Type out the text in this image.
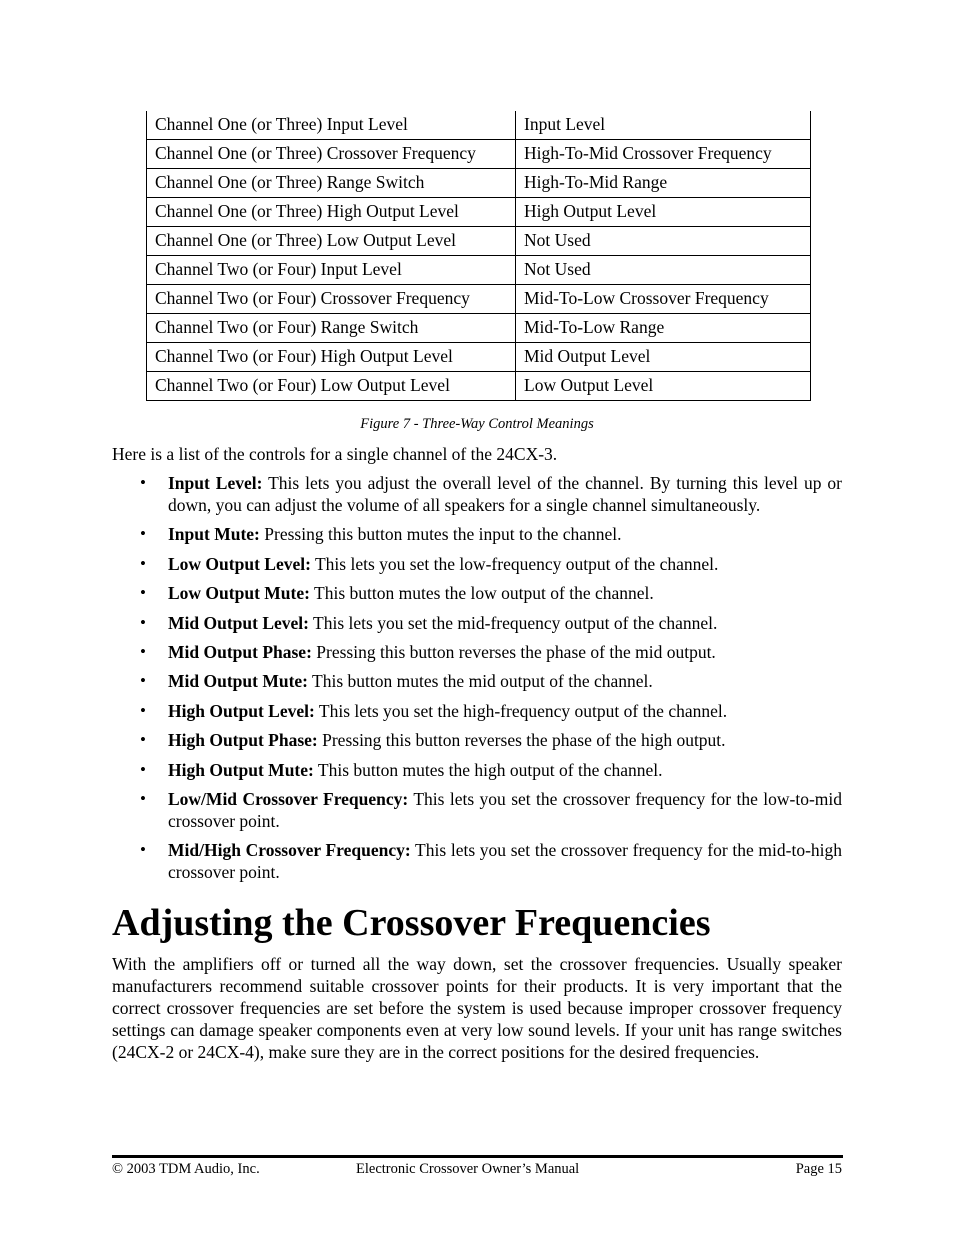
Channel One (or Three) Input Level	Input Level
Channel One (or Three) Crossover Frequency	High-To-Mid Crossover Frequency
Channel One (or Three) Range Switch	High-To-Mid Range
Channel One (or Three) High Output Level	High Output Level
Channel One (or Three) Low Output Level	Not Used
Channel Two (or Four) Input Level	Not Used
Channel Two (or Four) Crossover Frequency	Mid-To-Low Crossover Frequency
Channel Two (or Four) Range Switch	Mid-To-Low Range
Channel Two (or Four) High Output Level	Mid Output Level
Channel Two (or Four) Low Output Level	Low Output Level
Figure 7 - Three-Way Control Meanings
Here is a list of the controls for a single channel of the 24CX-3.
• Input Level: This lets you adjust the overall level of the channel. By turning this level up or down, you can adjust the volume of all speakers for a single channel simultaneously.
• Input Mute: Pressing this button mutes the input to the channel.
• Low Output Level: This lets you set the low-frequency output of the channel.
• Low Output Mute: This button mutes the low output of the channel.
• Mid Output Level: This lets you set the mid-frequency output of the channel.
• Mid Output Phase: Pressing this button reverses the phase of the mid output.
• Mid Output Mute: This button mutes the mid output of the channel.
• High Output Level: This lets you set the high-frequency output of the channel.
• High Output Phase: Pressing this button reverses the phase of the high output.
• High Output Mute: This button mutes the high output of the channel.
• Low/Mid Crossover Frequency: This lets you set the crossover frequency for the low-to-mid crossover point.
• Mid/High Crossover Frequency: This lets you set the crossover frequency for the mid-to-high crossover point.
Adjusting the Crossover Frequencies

With the amplifiers off or turned all the way down, set the crossover frequencies. Usually speaker manufacturers recommend suitable crossover points for their products. It is very important that the correct crossover frequencies are set before the system is used because improper crossover frequency settings can damage speaker components even at very low sound levels. If your unit has range switches (24CX-2 or 24CX-4), make sure they are in the correct positions for the desired frequencies.

© 2003 TDM Audio, Inc.	Electronic Crossover Owner’s Manual	Page 15
